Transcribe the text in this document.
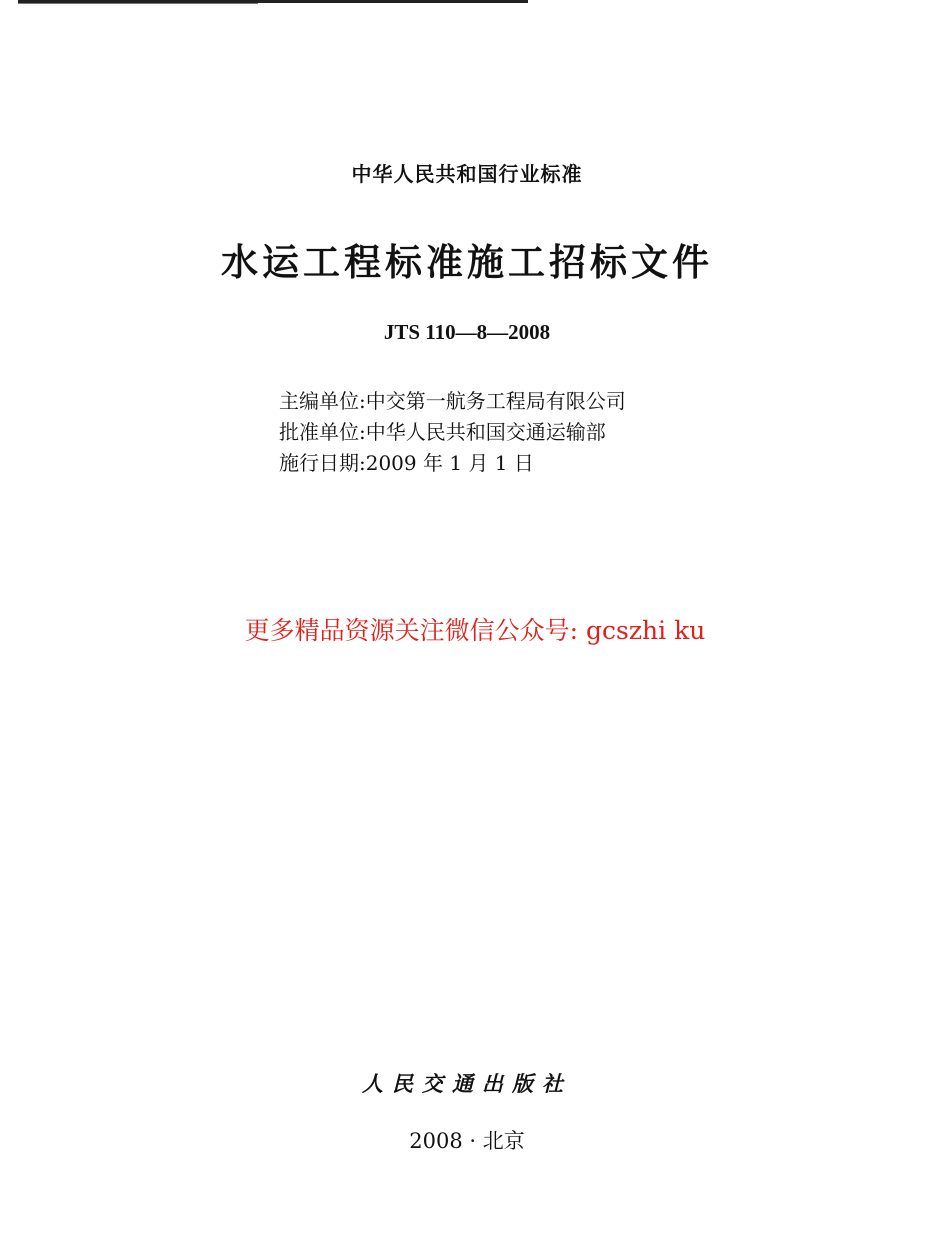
中华人民共和国行业标准
水运工程标准施工招标文件
JTS 110—8—2008
主编单位:中交第一航务工程局有限公司
批准单位:中华人民共和国交通运输部
施行日期:2009 年 1 月 1 日
更多精品资源关注微信公众号: gcszhi ku
人民交通出版社
2008 · 北京
